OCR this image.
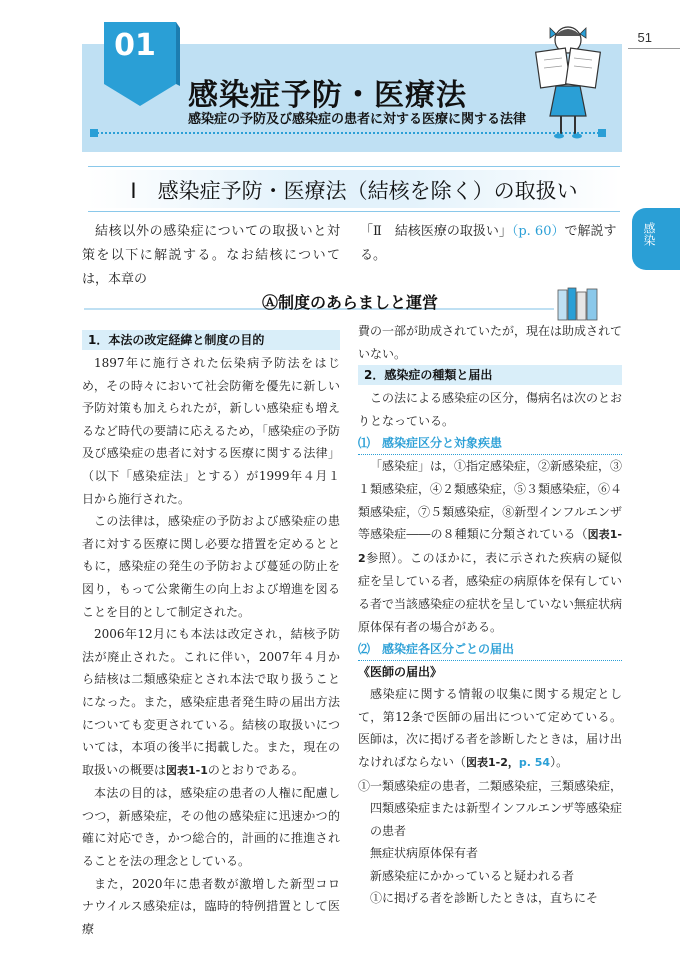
51
01
感染症予防・医療法
感染症の予防及び感染症の患者に対する医療に関する法律
感染
Ⅰ　感染症予防・医療法（結核を除く）の取扱い
結核以外の感染症についての取扱いと対策を以下に解説する。なお結核については，本章の
「Ⅱ　結核医療の取扱い」（p. 60）で解説する。
Ⓐ制度のあらましと運営
1．本法の改定経緯と制度の目的
1897年に施行された伝染病予防法をはじめ，その時々において社会防衛を優先に新しい予防対策も加えられたが，新しい感染症も増えるなど時代の要請に応えるため，「感染症の予防及び感染症の患者に対する医療に関する法律」（以下「感染症法」とする）が1999年４月１日から施行された。
この法律は，感染症の予防および感染症の患者に対する医療に関し必要な措置を定めるとともに，感染症の発生の予防および蔓延の防止を図り，もって公衆衛生の向上および増進を図ることを目的として制定された。
2006年12月にも本法は改定され，結核予防法が廃止された。これに伴い，2007年４月から結核は二類感染症とされ本法で取り扱うことになった。また，感染症患者発生時の届出方法についても変更されている。結核の取扱いについては，本項の後半に掲載した。また，現在の取扱いの概要は図表1-1のとおりである。
本法の目的は，感染症の患者の人権に配慮しつつ，新感染症，その他の感染症に迅速かつ的確に対応でき，かつ総合的，計画的に推進されることを法の理念としている。
また，2020年に患者数が激増した新型コロナウイルス感染症は，臨時的特例措置として医療
費の一部が助成されていたが，現在は助成されていない。
2．感染症の種類と届出
この法による感染症の区分，傷病名は次のとおりとなっている。
⑴　感染症区分と対象疾患
「感染症」は，①指定感染症，②新感染症，③１類感染症，④２類感染症，⑤３類感染症，⑥４類感染症，⑦５類感染症，⑧新型インフルエンザ等感染症――の８種類に分類されている（図表1-2参照）。このほかに，表に示された疾病の疑似症を呈している者，感染症の病原体を保有している者で当該感染症の症状を呈していない無症状病原体保有者の場合がある。
⑵　感染症各区分ごとの届出
《医師の届出》
感染症に関する情報の収集に関する規定として，第12条で医師の届出について定めている。医師は，次に掲げる者を診断したときは，届け出なければならない（図表1-2，p. 54）。
①一類感染症の患者，二類感染症，三類感染症，四類感染症または新型インフルエンザ等感染症の患者
無症状病原体保有者
新感染症にかかっていると疑われる者
①に掲げる者を診断したときは，直ちにそ
